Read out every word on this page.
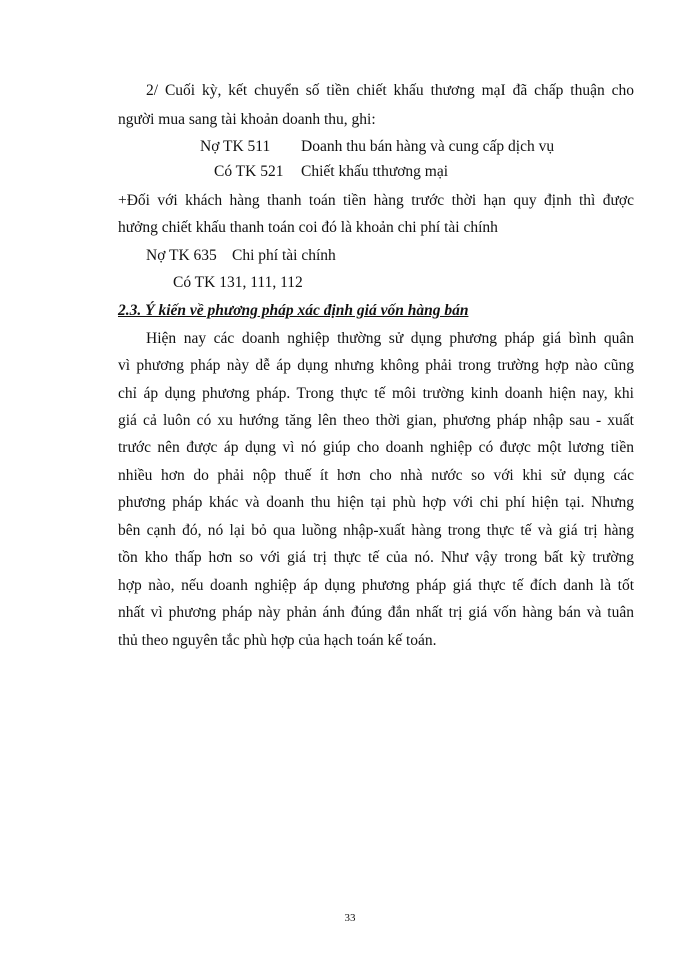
2/ Cuối kỳ, kết chuyển số tiền chiết khấu thương mạI đã chấp thuận cho
người mua sang tài khoản doanh thu, ghi:
Nợ TK 511 Doanh thu bán hàng và cung cấp dịch vụ
Có TK 521 Chiết khấu tthương mại
+Đối với khách hàng thanh toán tiền hàng trước thời hạn quy định thì được
hưởng chiết khấu thanh toán coi đó là khoản chi phí tài chính
Nợ TK 635 Chi phí tài chính
Có TK 131, 111, 112
2.3. Ý kiến về phương pháp xác định giá vốn hàng bán
Hiện nay các doanh nghiệp thường sử dụng phương pháp giá bình quân
vì phương pháp này dễ áp dụng nhưng không phải trong trường hợp nào cũng
chỉ áp dụng phương pháp. Trong thực tế môi trường kinh doanh hiện nay, khi
giá cả luôn có xu hướng tăng lên theo thời gian, phương pháp nhập sau - xuất
trước nên được áp dụng vì nó giúp cho doanh nghiệp có được một lương tiền
nhiều hơn do phải nộp thuế ít hơn cho nhà nước so với khi sử dụng các
phương pháp khác và doanh thu hiện tại phù hợp với chi phí hiện tại. Nhưng
bên cạnh đó, nó lại bỏ qua luồng nhập-xuất hàng trong thực tế và giá trị hàng
tồn kho thấp hơn so với giá trị thực tế của nó. Như vậy trong bất kỳ trường
hợp nào, nếu doanh nghiệp áp dụng phương pháp giá thực tế đích danh là tốt
nhất vì phương pháp này phản ánh đúng đắn nhất trị giá vốn hàng bán và tuân
thủ theo nguyên tắc phù hợp của hạch toán kế toán.
33
